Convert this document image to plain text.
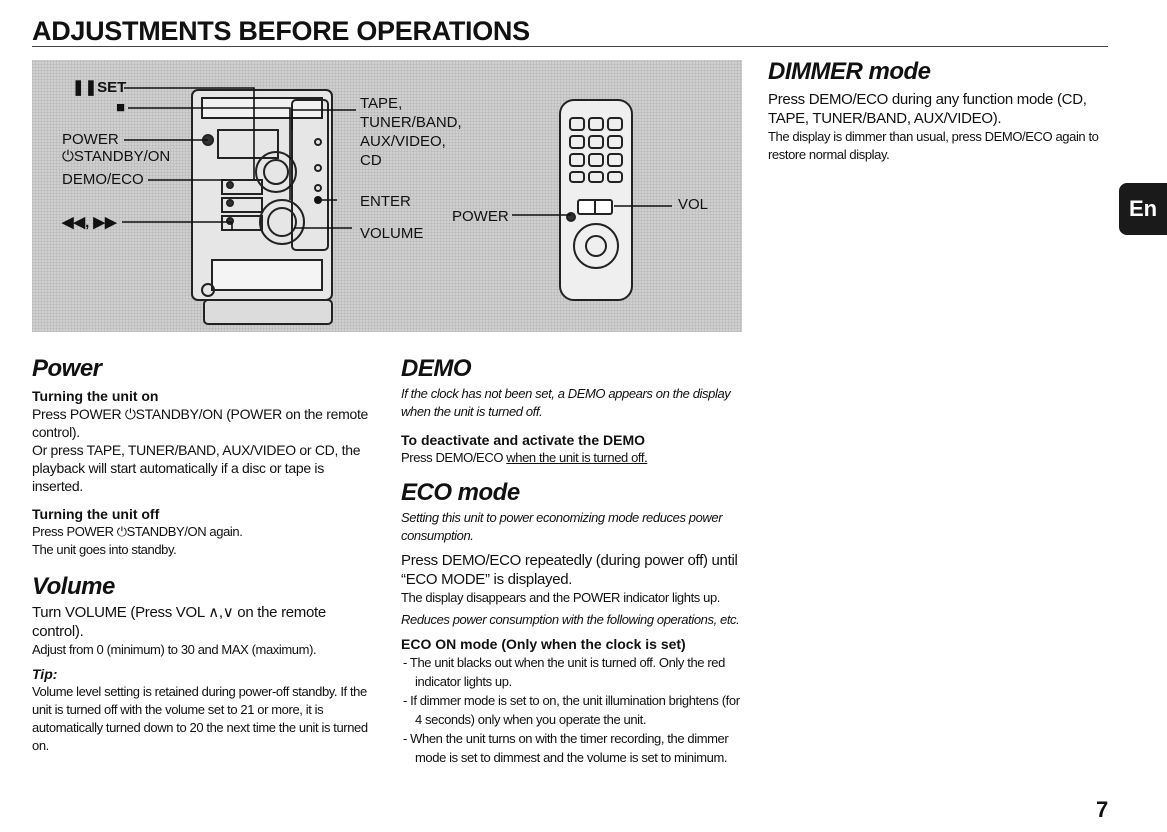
ADJUSTMENTS BEFORE OPERATIONS
❚❚SET
■
POWER
⏻STANDBY/ON
DEMO/ECO
◀◀, ▶▶
TAPE,
TUNER/BAND,
AUX/VIDEO,
CD
ENTER
VOLUME
POWER
VOL
Power
Turning the unit on

Press POWER ⏻STANDBY/ON (POWER on the remote control).

Or press TAPE, TUNER/BAND, AUX/VIDEO or CD, the playback will start automatically if a disc or tape is inserted.

Turning the unit off

Press POWER ⏻STANDBY/ON again.

The unit goes into standby.

Volume

Turn VOLUME (Press VOL ∧,∨ on the remote control).

Adjust from 0 (minimum) to 30 and MAX (maximum).

Tip:

Volume level setting is retained during power-off standby. If the unit is turned off with the volume set to 21 or more, it is automatically turned down to 20 the next time the unit is turned on.

DEMO

If the clock has not been set, a DEMO appears on the display when the unit is turned off.

To deactivate and activate the DEMO

Press DEMO/ECO when the unit is turned off.

ECO mode

Setting this unit to power economizing mode reduces power consumption.

Press DEMO/ECO repeatedly (during power off) until “ECO MODE” is displayed.

The display disappears and the POWER indicator lights up.

Reduces power consumption with the following operations, etc.

ECO ON mode (Only when the clock is set)
- The unit blacks out when the unit is turned off. Only the red indicator lights up.
- If dimmer mode is set to on, the unit illumination brightens (for 4 seconds) only when you operate the unit.
- When the unit turns on with the timer recording, the dimmer mode is set to dimmest and the volume is set to minimum.
DIMMER mode

Press DEMO/ECO during any function mode (CD, TAPE, TUNER/BAND, AUX/VIDEO).

The display is dimmer than usual, press DEMO/ECO again to restore normal display.

En
7
